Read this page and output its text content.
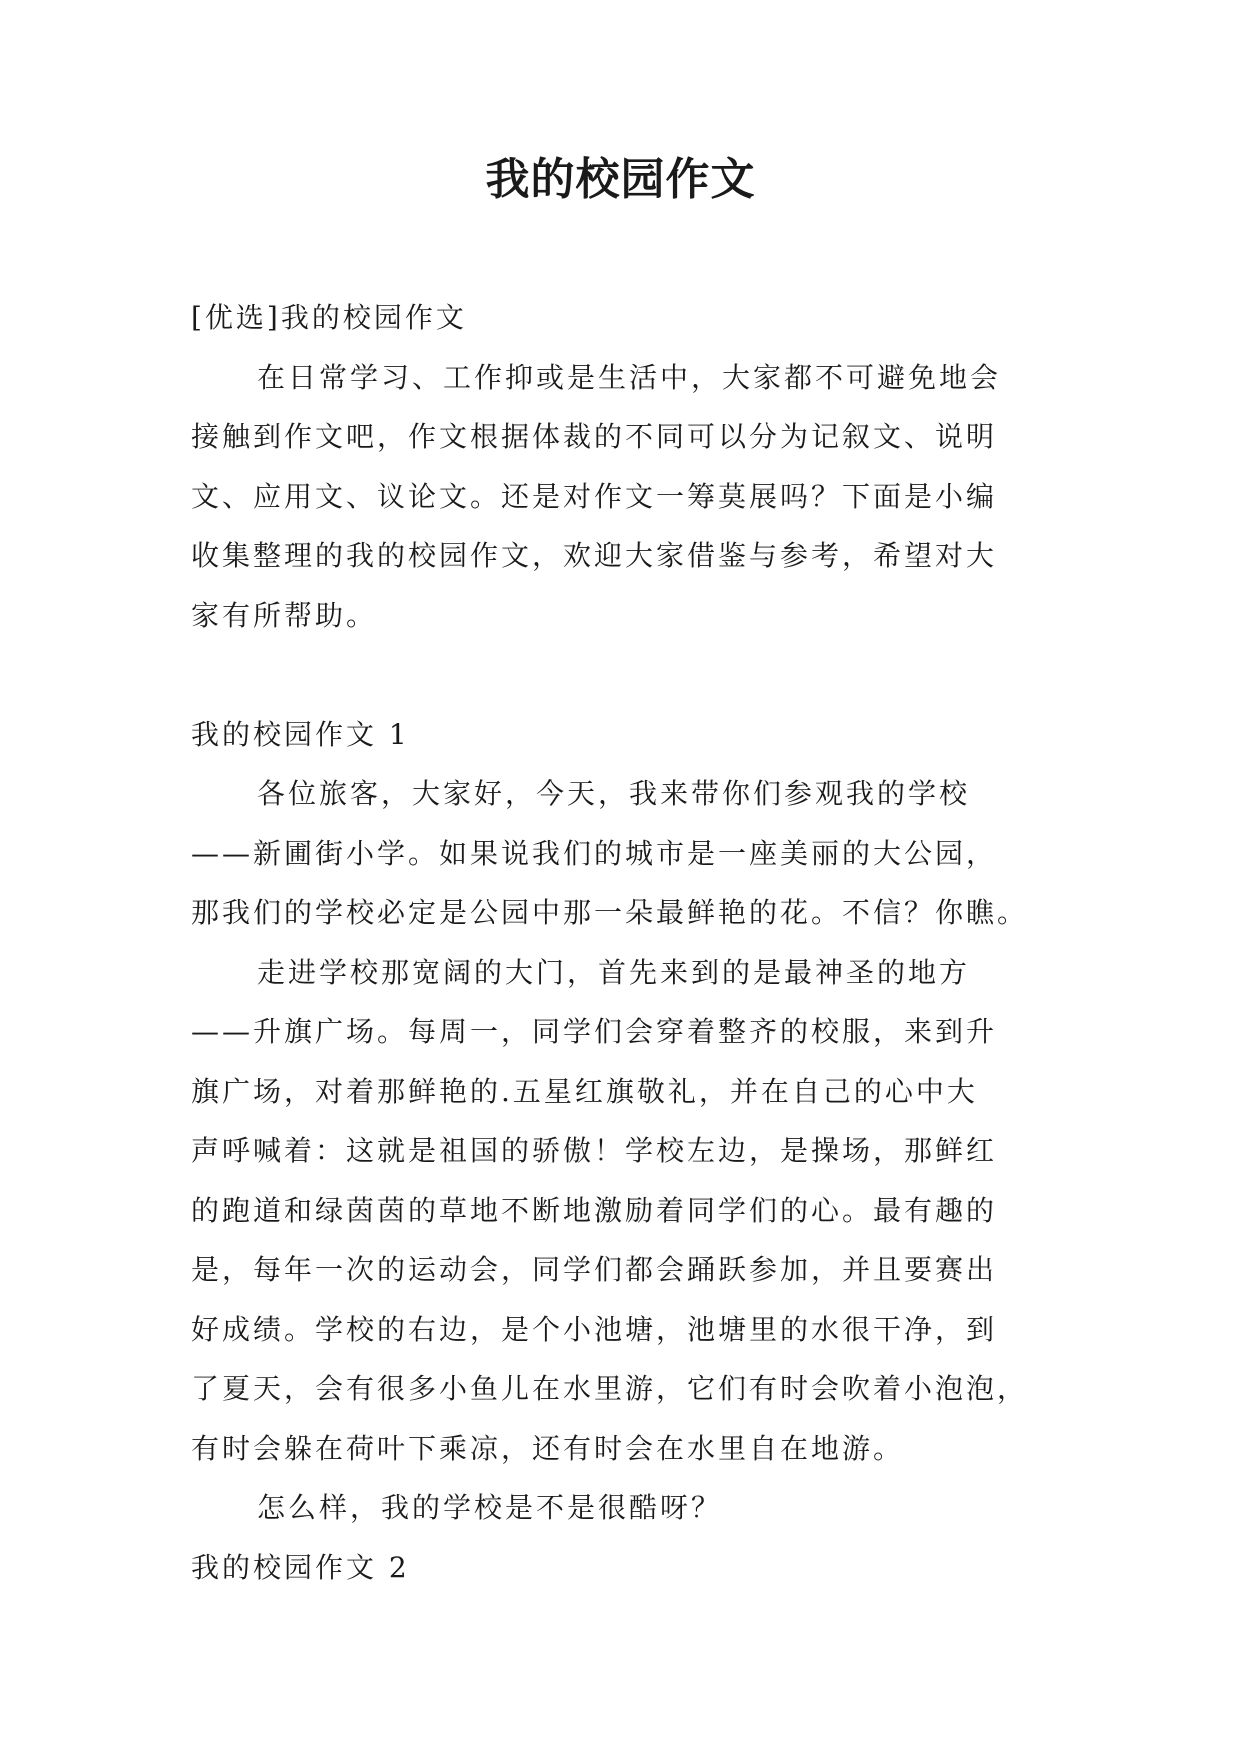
我的校园作文
[优选]我的校园作文
在日常学习、工作抑或是生活中，大家都不可避免地会
接触到作文吧，作文根据体裁的不同可以分为记叙文、说明
文、应用文、议论文。还是对作文一筹莫展吗？下面是小编
收集整理的我的校园作文，欢迎大家借鉴与参考，希望对大
家有所帮助。
我的校园作文 1
各位旅客，大家好，今天，我来带你们参观我的学校
——新圃街小学。如果说我们的城市是一座美丽的大公园，
那我们的学校必定是公园中那一朵最鲜艳的花。不信？你瞧。
走进学校那宽阔的大门，首先来到的是最神圣的地方
——升旗广场。每周一，同学们会穿着整齐的校服，来到升
旗广场，对着那鲜艳的.五星红旗敬礼，并在自己的心中大
声呼喊着：这就是祖国的骄傲！学校左边，是操场，那鲜红
的跑道和绿茵茵的草地不断地激励着同学们的心。最有趣的
是，每年一次的运动会，同学们都会踊跃参加，并且要赛出
好成绩。学校的右边，是个小池塘，池塘里的水很干净，到
了夏天，会有很多小鱼儿在水里游，它们有时会吹着小泡泡，
有时会躲在荷叶下乘凉，还有时会在水里自在地游。
怎么样，我的学校是不是很酷呀？
我的校园作文 2
